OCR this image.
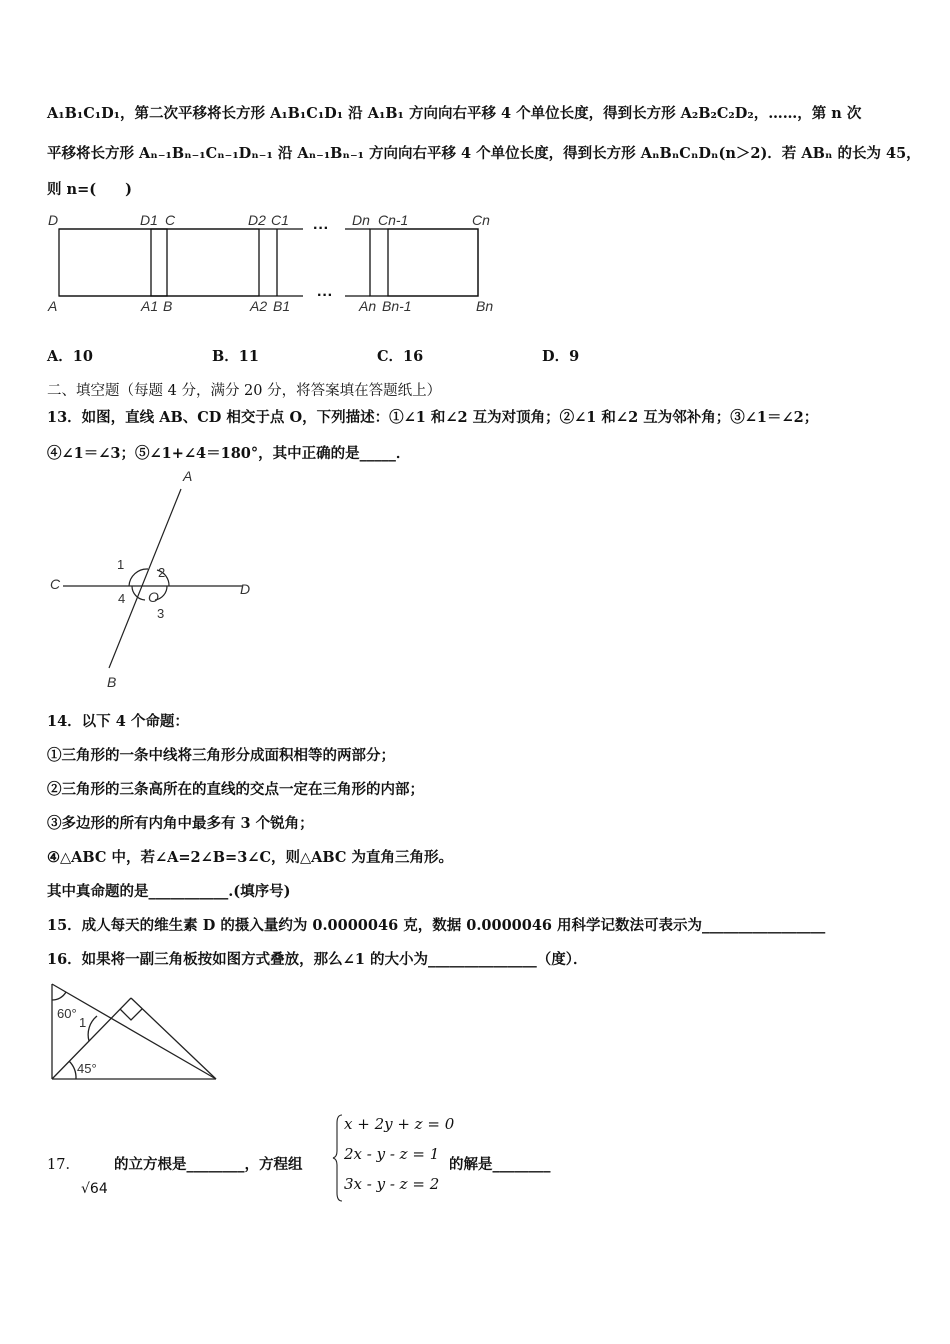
A₁B₁C₁D₁，第二次平移将长方形 A₁B₁C₁D₁ 沿 A₁B₁ 方向向右平移 4 个单位长度，得到长方形 A₂B₂C₂D₂，……，第 n 次
平移将长方形 Aₙ₋₁Bₙ₋₁Cₙ₋₁Dₙ₋₁ 沿 Aₙ₋₁Bₙ₋₁ 方向向右平移 4 个单位长度，得到长方形 AₙBₙCₙDₙ(n＞2)．若 ABₙ 的长为 45，
则 n=(　　)
D	D1 C	D2 C1	Dn Cn-1	Cn
A	A1 B	A2 B1	An Bn-1	Bn
···
···
A．10	B．11	C．16	D．9
二、填空题（每题 4 分，满分 20 分，将答案填在答题纸上）
13．如图，直线 AB、CD 相交于点 O，下列描述：①∠1 和∠2 互为对顶角；②∠1 和∠2 互为邻补角；③∠1＝∠2；
④∠1＝∠3；⑤∠1+∠4＝180°，其中正确的是_____．
A
B
C	D
O
1
2
3
4
14．以下 4 个命题：
①三角形的一条中线将三角形分成面积相等的两部分；
②三角形的三条高所在的直线的交点一定在三角形的内部；
③多边形的所有内角中最多有 3 个锐角；
④△ABC 中，若∠A=2∠B=3∠C，则△ABC 为直角三角形。
其中真命题的是___________.(填序号)
15．成人每天的维生素 D 的摄入量约为 0.0000046 克，数据 0.0000046 用科学记数法可表示为_________________
16．如果将一副三角板按如图方式叠放，那么∠1 的大小为_______________（度）．
60°
1
45°
17． 的立方根是________，方程组
√64
x + 2y + z = 0
2x - y - z = 1
3x - y - z = 2
的解是________
